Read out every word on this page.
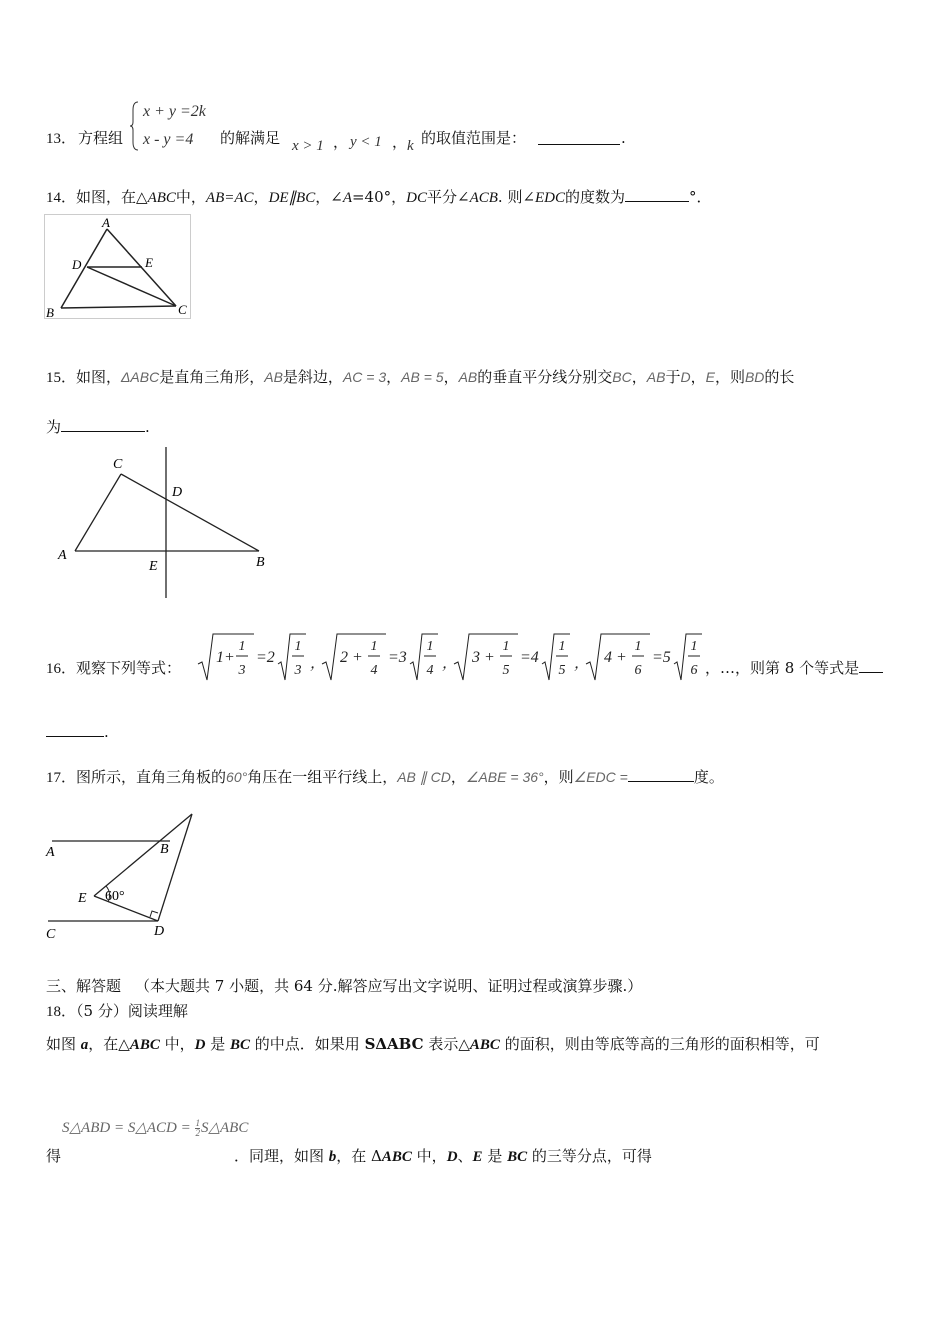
13． 方程组
x + y =2k
x - y =4 的解满足 x > 1 ， y < 1 ， k 的取值范围是：	.
14．如图，在△ABC中，AB=AC，DE∥BC，∠A=40°，DC平分∠ACB. 则∠EDC的度数为	°．
A
D	E
B	C
15．如图，ΔABC是直角三角形，AB是斜边，AC = 3，AB = 5，AB的垂直平分线分别交BC，AB于D，E，则BD的长
为	.
C
D
A
E	B
16．观察下列等式：
1+
1
3
=2
1
3 ， 2 +
1
4
=3
1
4 ， 3 +
1
5
=4
1
5 ， 4 +
1
6
=5
1
6 ，…，则第 8 个等式是
.
17．图所示，直角三角板的60°角压在一组平行线上，AB ∥ CD，∠ABE = 36°，则∠EDC =	度。
A	B
E 60°
C	D
三、解答题 （本大题共 7 小题，共 64 分.解答应写出文字说明、证明过程或演算步骤.）
18．（5 分）阅读理解
如图 a，在△ABC 中，D 是 BC 的中点．如果用 SΔABC 表示△ABC 的面积，则由等底等高的三角形的面积相等，可
S△ABD = S△ACD = $\frac{1}{2}$ S△ABC
得	．同理，如图 b，在 ΔABC 中，D、E 是 BC 的三等分点，可得
